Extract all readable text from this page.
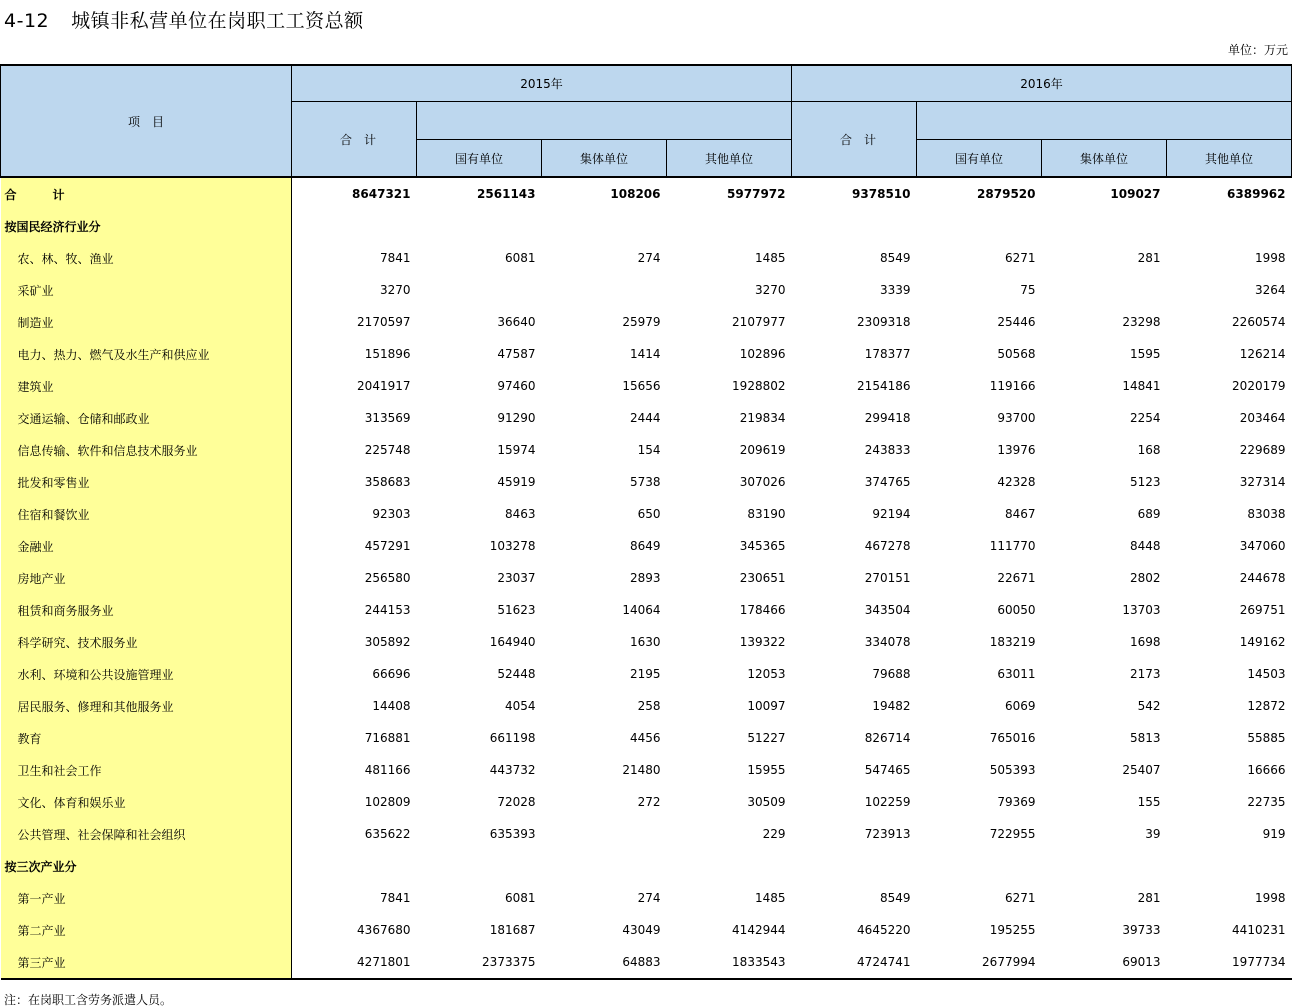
4-12 城镇非私营单位在岗职工工资总额
单位：万元
项　目	2015年				2016年			
	合　计				合　计			
		国有单位	集体单位	其他单位		国有单位	集体单位	其他单位
合　　　计	8647321	2561143	108206	5977972	9378510	2879520	109027	6389962
按国民经济行业分								
农、林、牧、渔业	7841	6081	274	1485	8549	6271	281	1998
采矿业	3270			3270	3339	75		3264
制造业	2170597	36640	25979	2107977	2309318	25446	23298	2260574
电力、热力、燃气及水生产和供应业	151896	47587	1414	102896	178377	50568	1595	126214
建筑业	2041917	97460	15656	1928802	2154186	119166	14841	2020179
交通运输、仓储和邮政业	313569	91290	2444	219834	299418	93700	2254	203464
信息传输、软件和信息技术服务业	225748	15974	154	209619	243833	13976	168	229689
批发和零售业	358683	45919	5738	307026	374765	42328	5123	327314
住宿和餐饮业	92303	8463	650	83190	92194	8467	689	83038
金融业	457291	103278	8649	345365	467278	111770	8448	347060
房地产业	256580	23037	2893	230651	270151	22671	2802	244678
租赁和商务服务业	244153	51623	14064	178466	343504	60050	13703	269751
科学研究、技术服务业	305892	164940	1630	139322	334078	183219	1698	149162
水利、环境和公共设施管理业	66696	52448	2195	12053	79688	63011	2173	14503
居民服务、修理和其他服务业	14408	4054	258	10097	19482	6069	542	12872
教育	716881	661198	4456	51227	826714	765016	5813	55885
卫生和社会工作	481166	443732	21480	15955	547465	505393	25407	16666
文化、体育和娱乐业	102809	72028	272	30509	102259	79369	155	22735
公共管理、社会保障和社会组织	635622	635393		229	723913	722955	39	919
按三次产业分								
第一产业	7841	6081	274	1485	8549	6271	281	1998
第二产业	4367680	181687	43049	4142944	4645220	195255	39733	4410231
第三产业	4271801	2373375	64883	1833543	4724741	2677994	69013	1977734
注：在岗职工含劳务派遣人员。
